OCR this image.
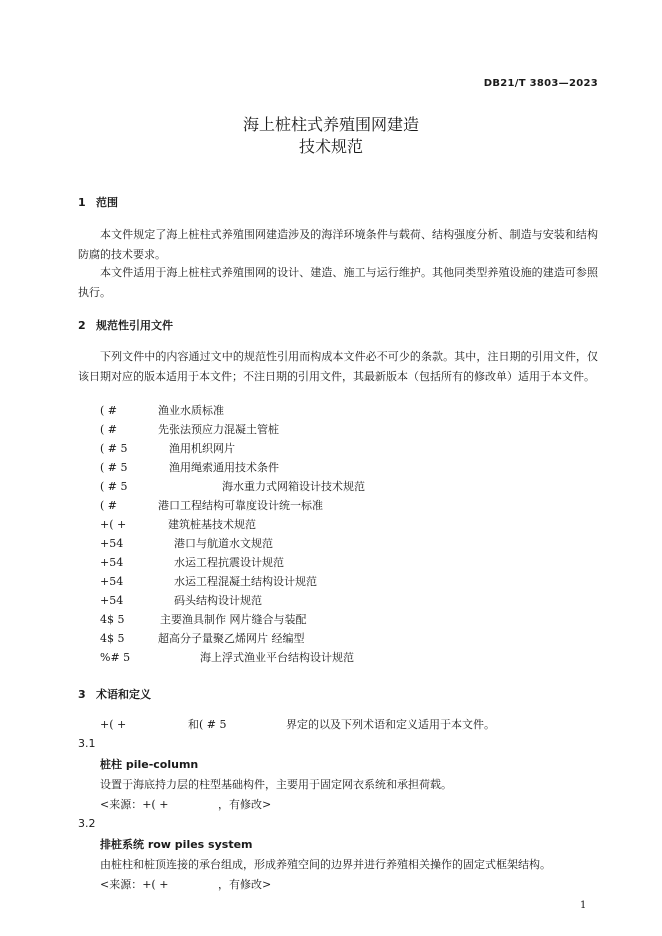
DB21/T 3803—2023
海上桩柱式养殖围网建造
技术规范
1 范围
本文件规定了海上桩柱式养殖围网建造涉及的海洋环境条件与载荷、结构强度分析、制造与安装和结构防腐的技术要求。
本文件适用于海上桩柱式养殖围网的设计、建造、施工与运行维护。其他同类型养殖设施的建造可参照执行。
2 规范性引用文件
下列文件中的内容通过文中的规范性引用而构成本文件必不可少的条款。其中，注日期的引用文件，仅该日期对应的版本适用于本文件；不注日期的引用文件，其最新版本（包括所有的修改单）适用于本文件。
( #	渔业水质标准
( #	先张法预应力混凝土管桩
( # 5	渔用机织网片
( # 5	渔用绳索通用技术条件
( # 5	海水重力式网箱设计技术规范
( #	港口工程结构可靠度设计统一标准
+( +	建筑桩基技术规范
+54	港口与航道水文规范
+54	水运工程抗震设计规范
+54	水运工程混凝土结构设计规范
+54	码头结构设计规范
4$ 5	主要渔具制作 网片缝合与装配
4$ 5	超高分子量聚乙烯网片 经编型
%# 5	海上浮式渔业平台结构设计规范
3 术语和定义
+( +	和( # 5	界定的以及下列术语和定义适用于本文件。
3.1
桩柱 pile-column
设置于海底持力层的柱型基础构件，主要用于固定网衣系统和承担荷载。
<来源：+( +	，有修改>
3.2
排桩系统 row piles system
由桩柱和桩顶连接的承台组成，形成养殖空间的边界并进行养殖相关操作的固定式框架结构。
<来源：+( +	，有修改>
1
